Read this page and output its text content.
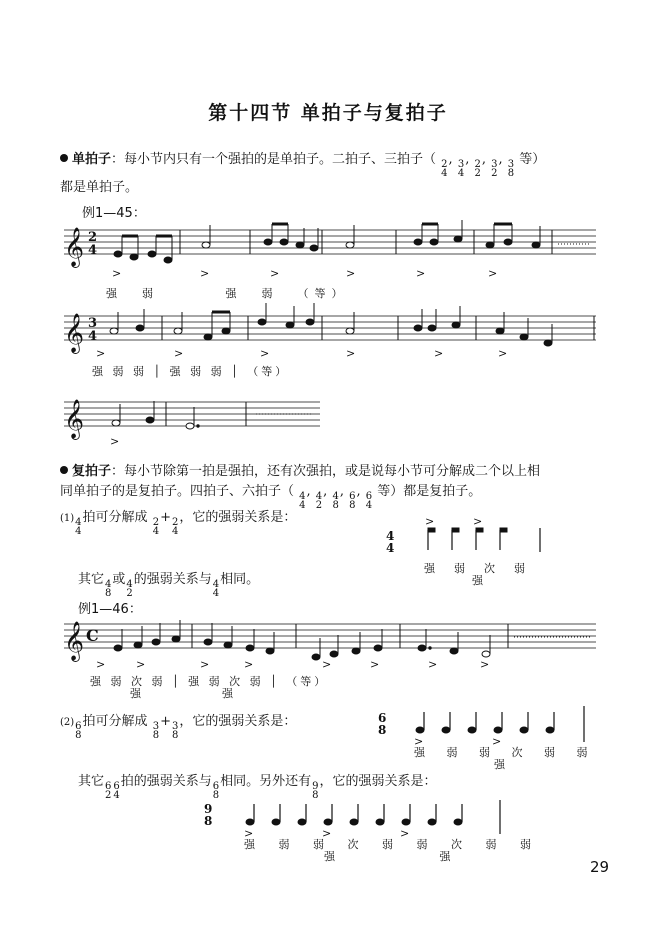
第十四节 单拍子与复拍子
单拍子：每小节内只有一个强拍的是单拍子。二拍子、三拍子（ 2
4
, 3
4
, 2
2
, 3
2
, 3
8
等）
都是单拍子。
例1—45：
𝄞
𝄞
𝄞
𝄞
2
4
3
4
C
>	>	>	>	>	>
>	>	>	>	>	>
>
>	>	>	>	>	>	>	>
4
4
>	>
6
8
>	>
9
8
>	>	>
强  弱       强  弱  （等）
强 弱 弱 │ 强 弱 弱 │ （等）
复拍子：每小节除第一拍是强拍，还有次强拍，或是说每小节可分解成二个以上相
同单拍子的是复拍子。四拍子、六拍子（ 4
4
, 4
2
, 4
8
, 6
8
, 6
4
等）都是复拍子。
(1) 4
4
拍可分解成 2
4
+ 2
4
，它的强弱关系是：
强  弱  次  弱
强
其它 4
8
或 4
2
的强弱关系与 4
4
相同。
例1—46：
强 弱 次 弱 │ 强 弱 次 弱 │ （等）
强            强
(2) 6
8
拍可分解成 3
8
+ 3
8
，它的强弱关系是：
强 弱 弱 次 弱 弱
强
其它 6
2
6
4
拍的强弱关系与 6
8
相同。另外还有 9
8
，它的强弱关系是：
强 弱 弱 次 弱 弱 次 弱 弱
强       强
29
